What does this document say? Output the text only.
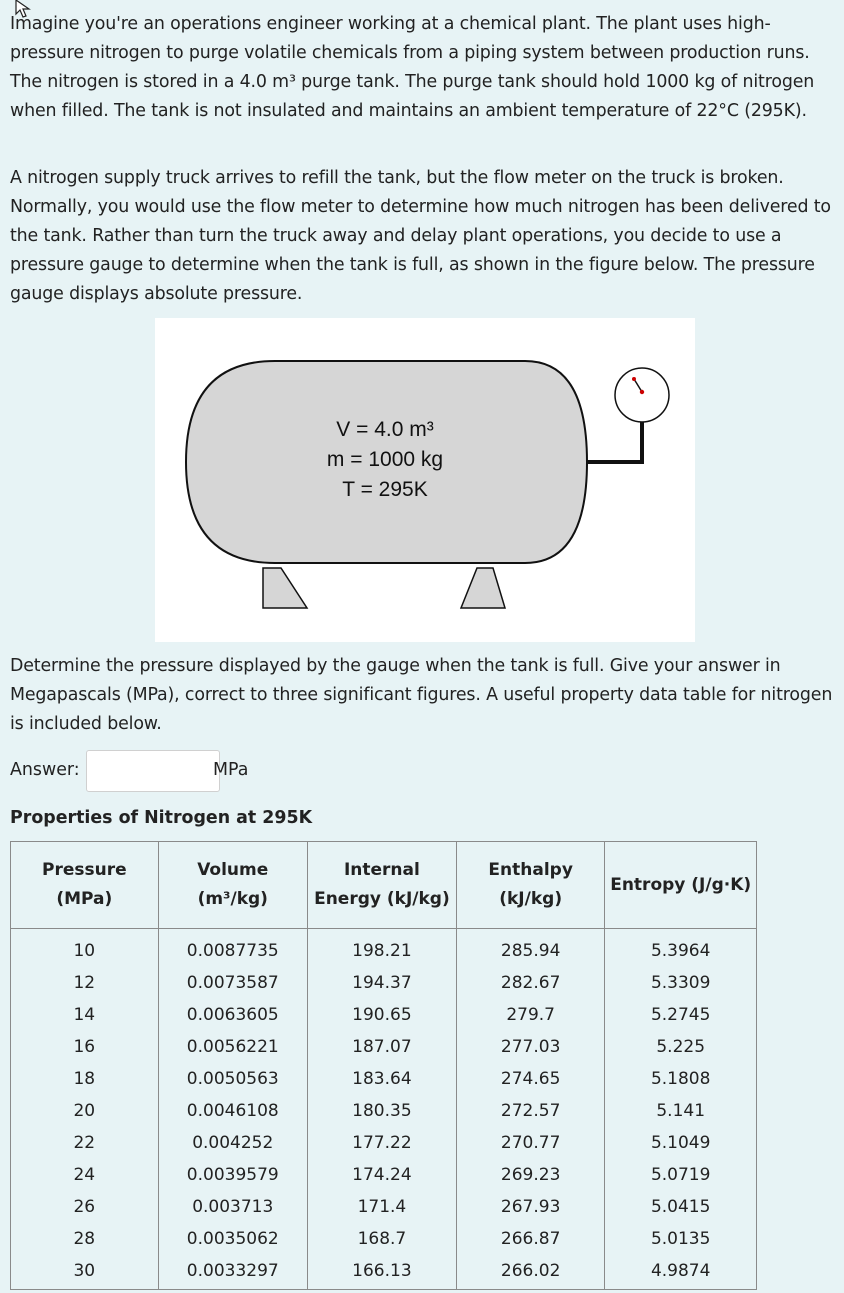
Imagine you're an operations engineer working at a chemical plant. The plant uses high-pressure nitrogen to purge volatile chemicals from a piping system between production runs. The nitrogen is stored in a 4.0 m³ purge tank. The purge tank should hold 1000 kg of nitrogen when filled. The tank is not insulated and maintains an ambient temperature of 22°C (295K).

A nitrogen supply truck arrives to refill the tank, but the flow meter on the truck is broken. Normally, you would use the flow meter to determine how much nitrogen has been delivered to the tank. Rather than turn the truck away and delay plant operations, you decide to use a pressure gauge to determine when the tank is full, as shown in the figure below. The pressure gauge displays absolute pressure.

V = 4.0 m³
m = 1000 kg
T = 295K

Determine the pressure displayed by the gauge when the tank is full. Give your answer in Megapascals (MPa), correct to three significant figures. A useful property data table for nitrogen is included below.

Answer:	MPa
Properties of Nitrogen at 295K
Pressure (MPa)	Volume (m³/kg)	Internal Energy (kJ/kg)	Enthalpy (kJ/kg)	Entropy (J/g·K)
10	0.0087735	198.21	285.94	5.3964
12	0.0073587	194.37	282.67	5.3309
14	0.0063605	190.65	279.7	5.2745
16	0.0056221	187.07	277.03	5.225
18	0.0050563	183.64	274.65	5.1808
20	0.0046108	180.35	272.57	5.141
22	0.004252	177.22	270.77	5.1049
24	0.0039579	174.24	269.23	5.0719
26	0.003713	171.4	267.93	5.0415
28	0.0035062	168.7	266.87	5.0135
30	0.0033297	166.13	266.02	4.9874
